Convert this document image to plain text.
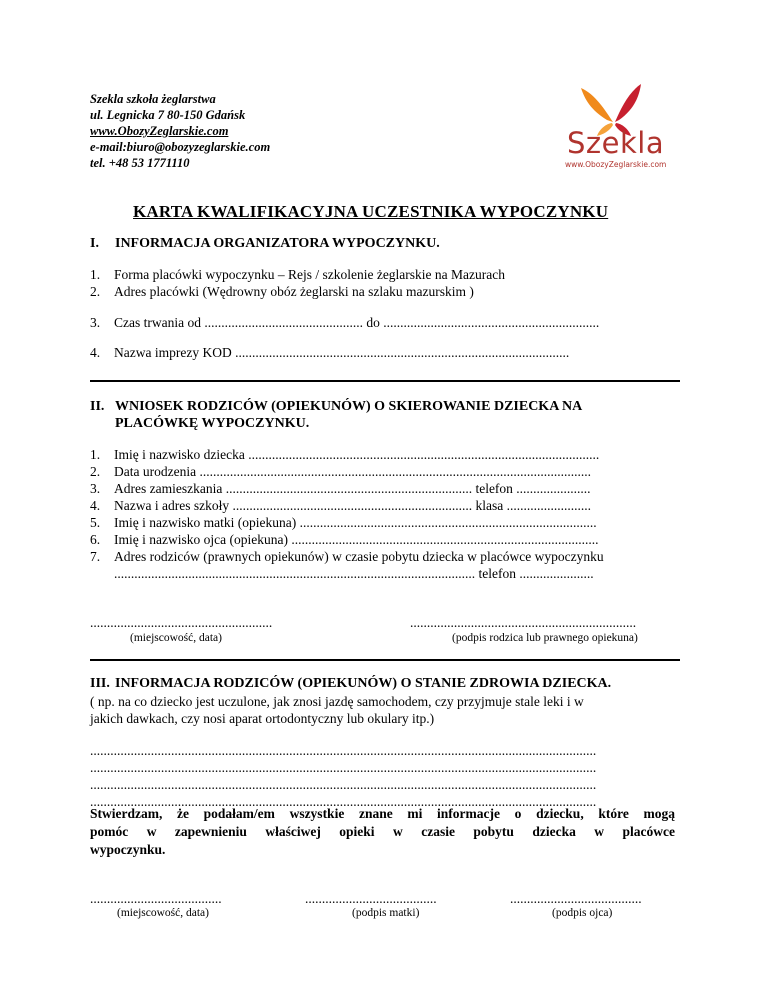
Szekla szkoła żeglarstwa
ul. Legnicka 7 80-150 Gdańsk
www.ObozyZeglarskie.com
e-mail:biuro@obozyzeglarskie.com
tel. +48 53 1771110
Szekla
www.ObozyZeglarskie.com
KARTA KWALIFIKACYJNA UCZESTNIKA WYPOCZYNKU
I. INFORMACJA ORGANIZATORA WYPOCZYNKU.
1. Forma placówki wypoczynku – Rejs / szkolenie żeglarskie na Mazurach
2. Adres placówki (Wędrowny obóz żeglarski na szlaku mazurskim )
3. Czas trwania od ............................................... do ................................................................
4. Nazwa imprezy KOD ...................................................................................................
II. WNIOSEK RODZICÓW (OPIEKUNÓW) O SKIEROWANIE DZIECKA NA
PLACÓWKĘ WYPOCZYNKU.
1. Imię i nazwisko dziecka ........................................................................................................
2. Data urodzenia ....................................................................................................................
3. Adres zamieszkania ......................................................................... telefon ......................
4. Nazwa i adres szkoły ....................................................................... klasa .........................
5. Imię i nazwisko matki (opiekuna) ........................................................................................
6. Imię i nazwisko ojca (opiekuna) ...........................................................................................
7. Adres rodziców (prawnych opiekunów) w czasie pobytu dziecka w placówce wypoczynku
........................................................................................................... telefon ......................
......................................................
(miejscowość, data)
...................................................................
(podpis rodzica lub prawnego opiekuna)
III. INFORMACJA RODZICÓW (OPIEKUNÓW) O STANIE ZDROWIA DZIECKA.
( np. na co dziecko jest uczulone, jak znosi jazdę samochodem, czy przyjmuje stale leki i w
jakich dawkach, czy nosi aparat ortodontyczny lub okulary itp.)
......................................................................................................................................................
......................................................................................................................................................
......................................................................................................................................................
......................................................................................................................................................
Stwierdzam, że podałam/em wszystkie znane mi informacje o dziecku, które mogą
pomóc w zapewnieniu właściwej opieki w czasie pobytu dziecka w placówce
wypoczynku.
.......................................
(miejscowość, data)
.......................................
(podpis matki)
.......................................
(podpis ojca)
